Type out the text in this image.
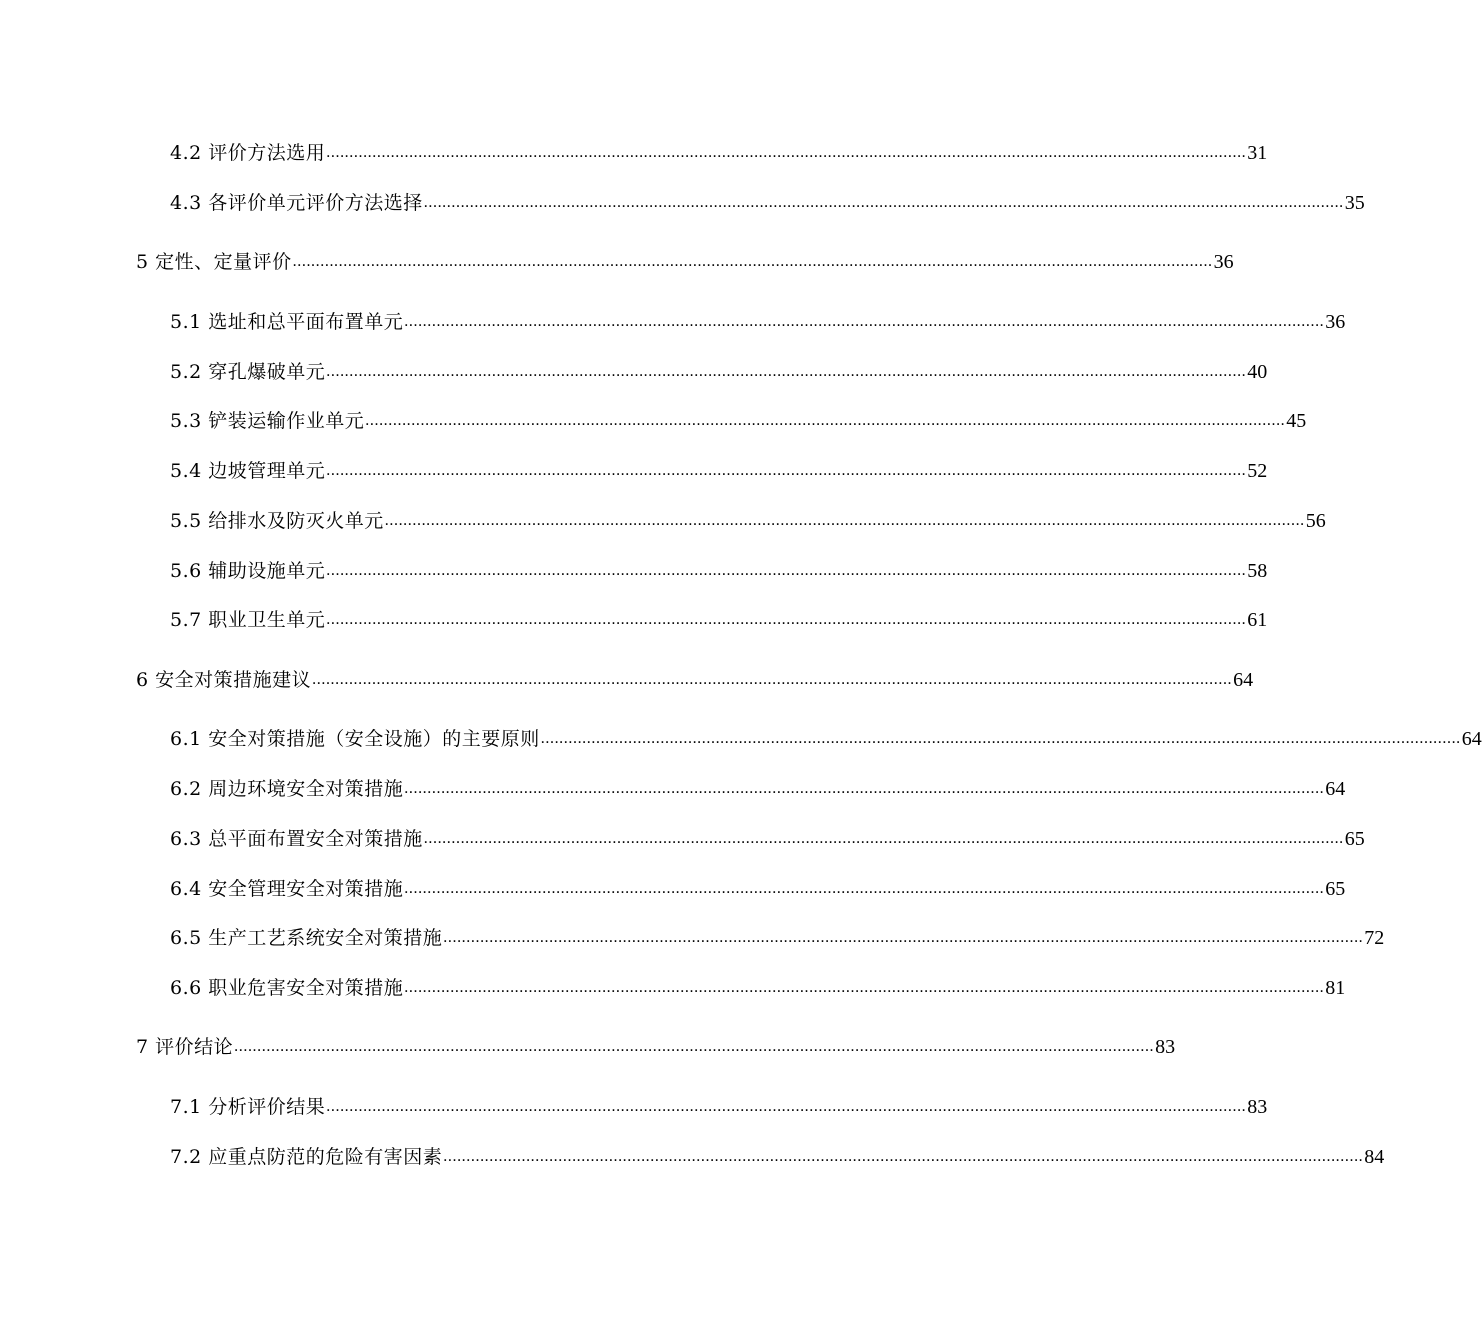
4.2 评价方法选用 ........................................................................................................................................................................................................ 31
4.3 各评价单元评价方法选择 ........................................................................................................................................................................................................ 35
5 定性、定量评价 ........................................................................................................................................................................................................ 36
5.1 选址和总平面布置单元 ........................................................................................................................................................................................................ 36
5.2 穿孔爆破单元 ........................................................................................................................................................................................................ 40
5.3 铲装运输作业单元 ........................................................................................................................................................................................................ 45
5.4 边坡管理单元 ........................................................................................................................................................................................................ 52
5.5 给排水及防灭火单元 ........................................................................................................................................................................................................ 56
5.6 辅助设施单元 ........................................................................................................................................................................................................ 58
5.7 职业卫生单元 ........................................................................................................................................................................................................ 61
6 安全对策措施建议 ........................................................................................................................................................................................................ 64
6.1 安全对策措施（安全设施）的主要原则 ........................................................................................................................................................................................................ 64
6.2 周边环境安全对策措施 ........................................................................................................................................................................................................ 64
6.3 总平面布置安全对策措施 ........................................................................................................................................................................................................ 65
6.4 安全管理安全对策措施 ........................................................................................................................................................................................................ 65
6.5 生产工艺系统安全对策措施 ........................................................................................................................................................................................................ 72
6.6 职业危害安全对策措施 ........................................................................................................................................................................................................ 81
7 评价结论 ........................................................................................................................................................................................................ 83
7.1 分析评价结果 ........................................................................................................................................................................................................ 83
7.2 应重点防范的危险有害因素 ........................................................................................................................................................................................................ 84
